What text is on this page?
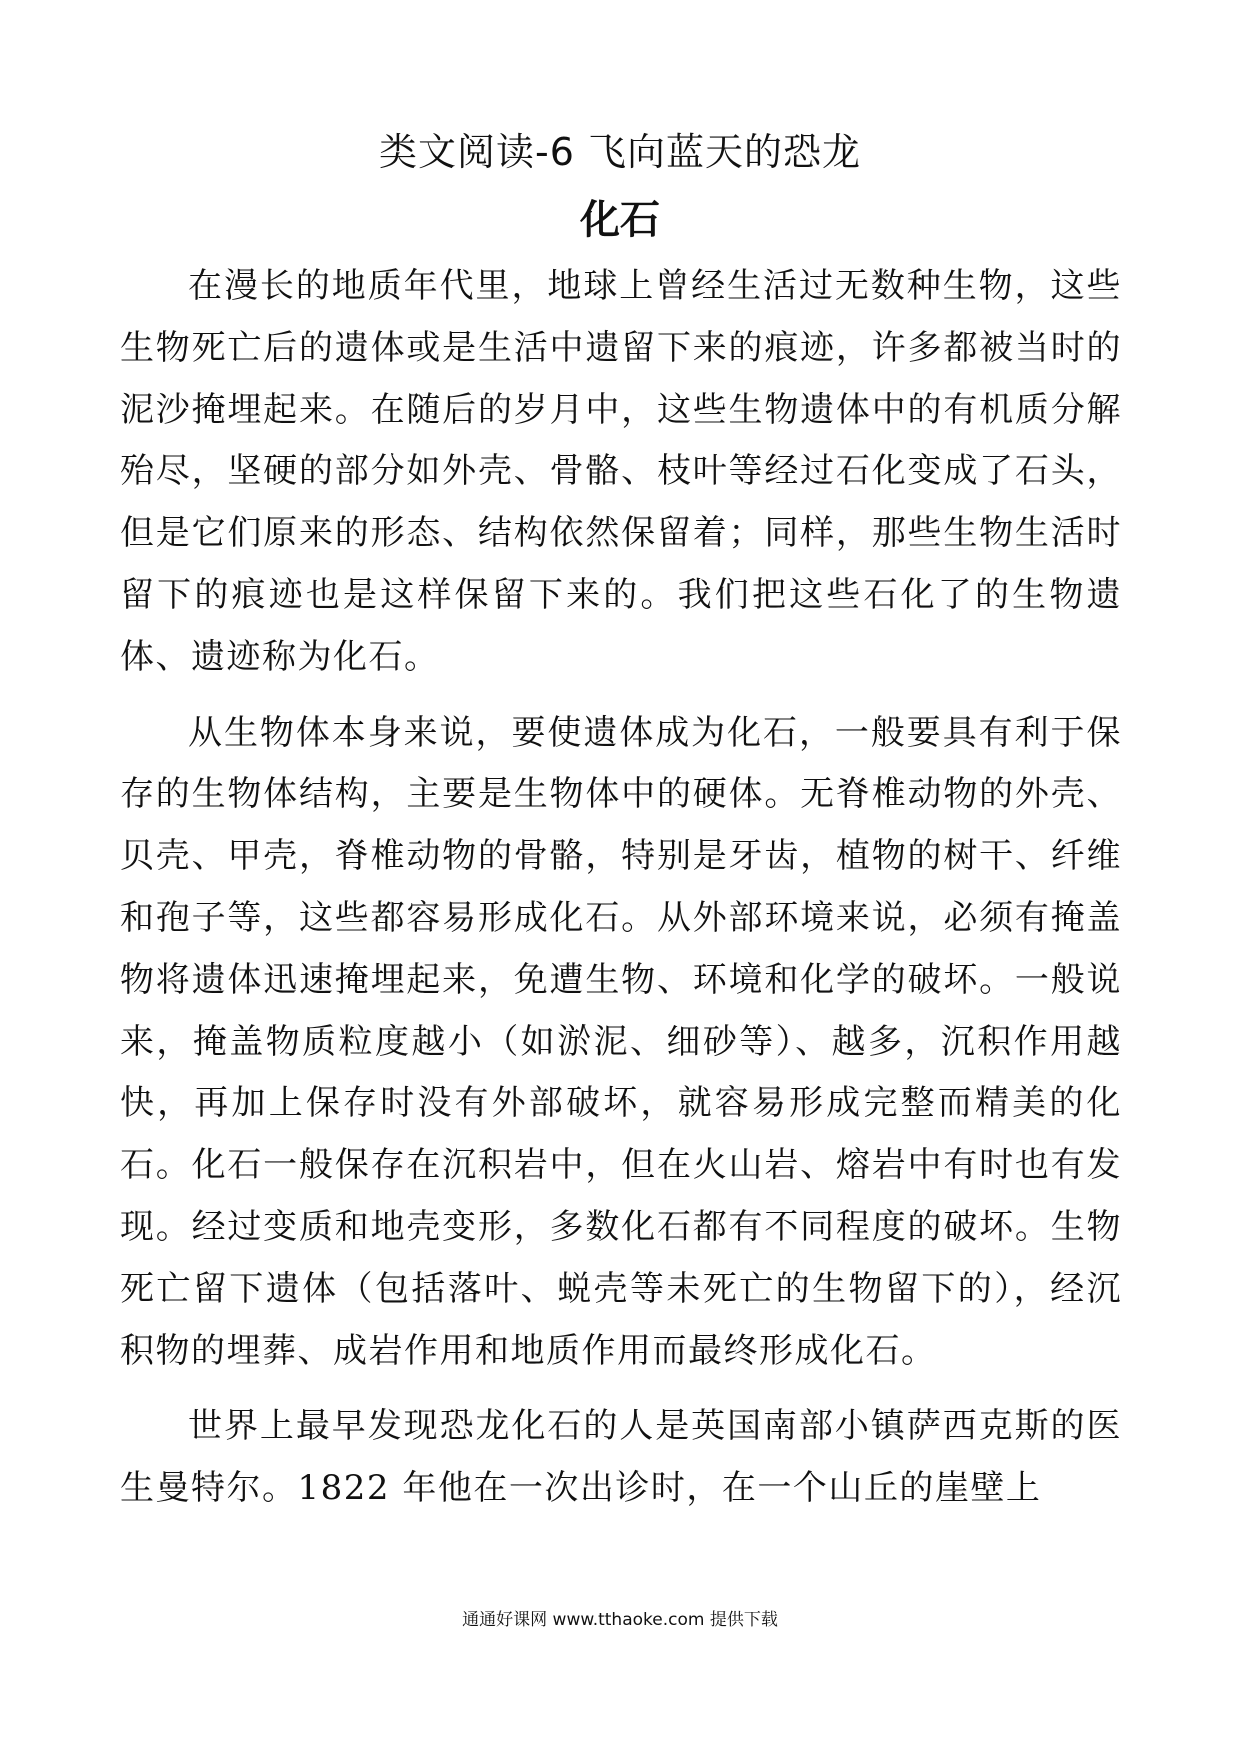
类文阅读-6 飞向蓝天的恐龙
化石

在漫长的地质年代里，地球上曾经生活过无数种生物，这些生物死亡后的遗体或是生活中遗留下来的痕迹，许多都被当时的泥沙掩埋起来。在随后的岁月中，这些生物遗体中的有机质分解殆尽，坚硬的部分如外壳、骨骼、枝叶等经过石化变成了石头，但是它们原来的形态、结构依然保留着；同样，那些生物生活时留下的痕迹也是这样保留下来的。我们把这些石化了的生物遗体、遗迹称为化石。

从生物体本身来说，要使遗体成为化石，一般要具有利于保存的生物体结构，主要是生物体中的硬体。无脊椎动物的外壳、贝壳、甲壳，脊椎动物的骨骼，特别是牙齿，植物的树干、纤维和孢子等，这些都容易形成化石。从外部环境来说，必须有掩盖物将遗体迅速掩埋起来，免遭生物、环境和化学的破坏。一般说来，掩盖物质粒度越小（如淤泥、细砂等）、越多，沉积作用越快，再加上保存时没有外部破坏，就容易形成完整而精美的化石。化石一般保存在沉积岩中，但在火山岩、熔岩中有时也有发现。经过变质和地壳变形，多数化石都有不同程度的破坏。生物死亡留下遗体（包括落叶、蜕壳等未死亡的生物留下的），经沉积物的埋葬、成岩作用和地质作用而最终形成化石。

世界上最早发现恐龙化石的人是英国南部小镇萨西克斯的医生曼特尔。1822 年他在一次出诊时，在一个山丘的崖壁上

通通好课网 www.tthaoke.com 提供下载
